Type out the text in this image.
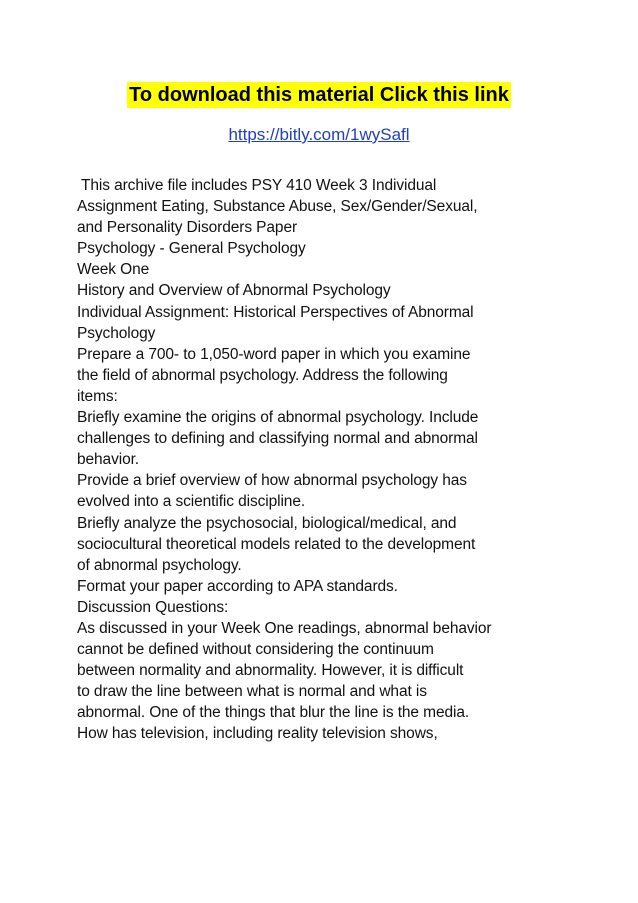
To download this material Click this link
https://bitly.com/1wySafl
This archive file includes PSY 410 Week 3 Individual
Assignment Eating, Substance Abuse, Sex/Gender/Sexual,
and Personality Disorders Paper
Psychology - General Psychology
Week One
History and Overview of Abnormal Psychology
Individual Assignment: Historical Perspectives of Abnormal
Psychology
Prepare a 700- to 1,050-word paper in which you examine
the field of abnormal psychology. Address the following
items:
Briefly examine the origins of abnormal psychology. Include
challenges to defining and classifying normal and abnormal
behavior.
Provide a brief overview of how abnormal psychology has
evolved into a scientific discipline.
Briefly analyze the psychosocial, biological/medical, and
sociocultural theoretical models related to the development
of abnormal psychology.
Format your paper according to APA standards.
Discussion Questions:
As discussed in your Week One readings, abnormal behavior
cannot be defined without considering the continuum
between normality and abnormality. However, it is difficult
to draw the line between what is normal and what is
abnormal. One of the things that blur the line is the media.
How has television, including reality television shows,
